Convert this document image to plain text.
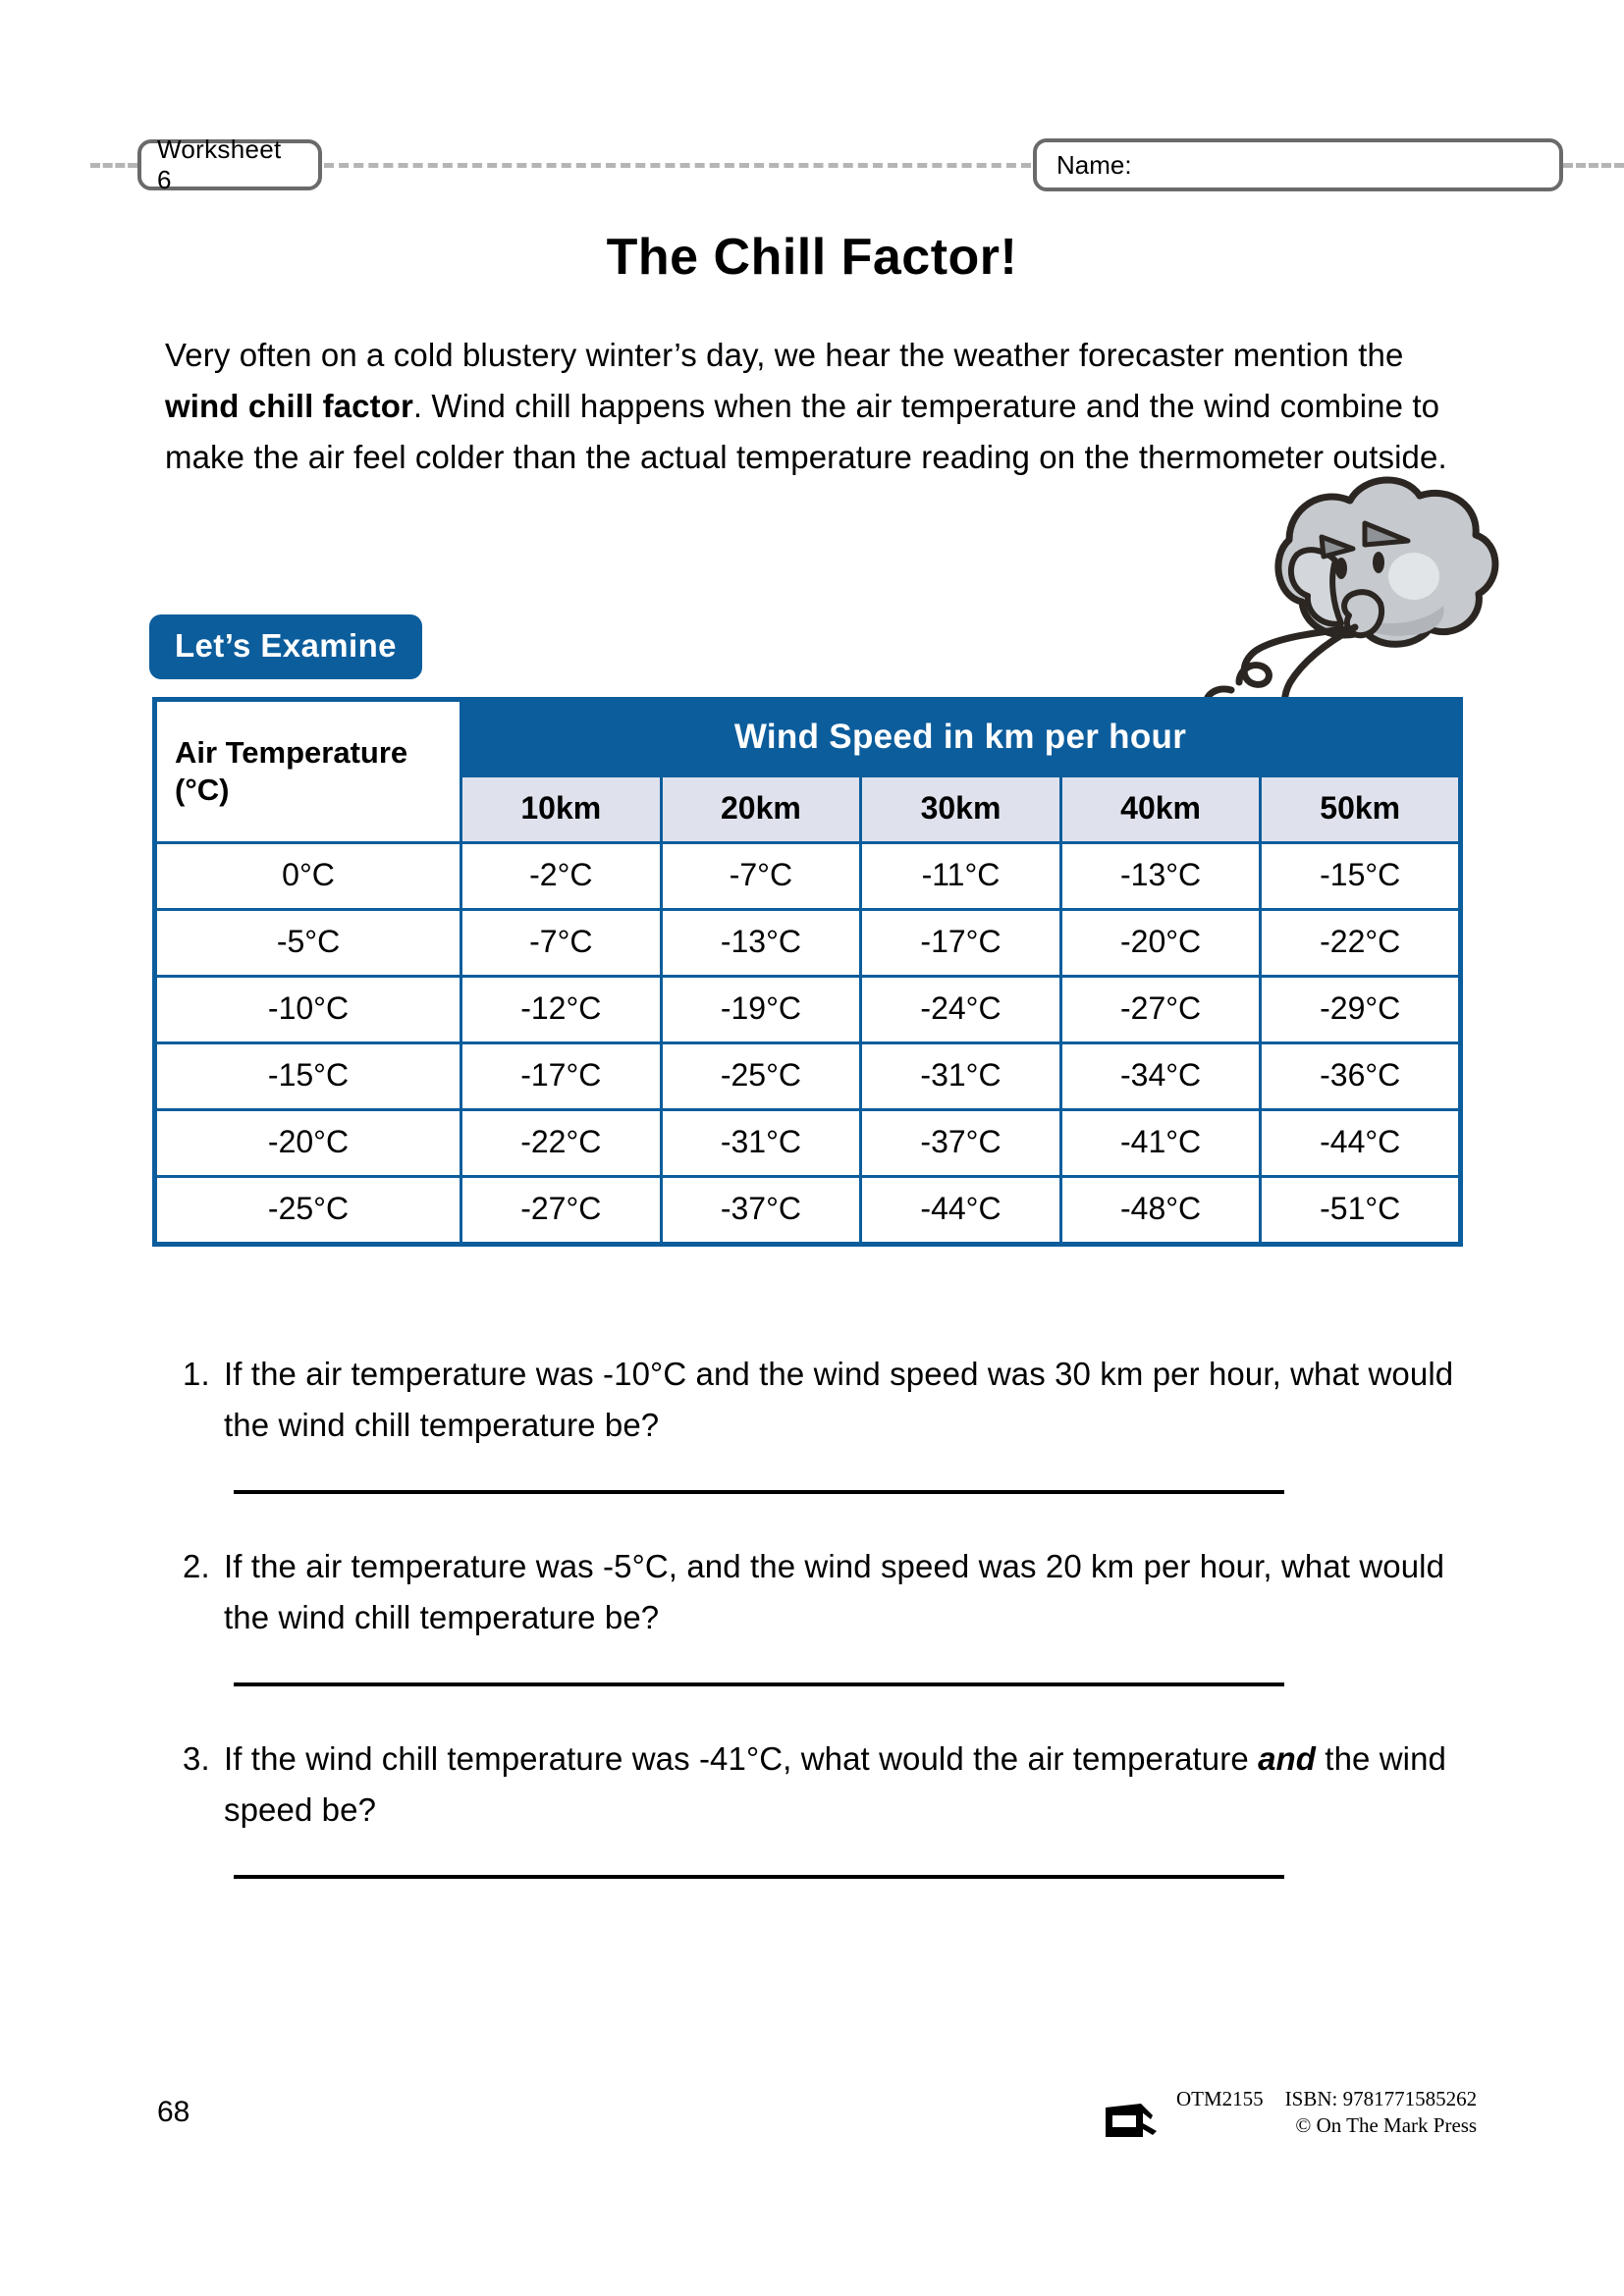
Worksheet 6
Name:
The Chill Factor!
Very often on a cold blustery winter’s day, we hear the weather forecaster mention the wind chill factor. Wind chill happens when the air temperature and the wind combine to make the air feel colder than the actual temperature reading on the thermometer outside.
Let’s Examine
Air Temperature (°C)	Wind Speed in km per hour				
	10km	20km	30km	40km	50km
0°C	-2°C	-7°C	-11°C	-13°C	-15°C
-5°C	-7°C	-13°C	-17°C	-20°C	-22°C
-10°C	-12°C	-19°C	-24°C	-27°C	-29°C
-15°C	-17°C	-25°C	-31°C	-34°C	-36°C
-20°C	-22°C	-31°C	-37°C	-41°C	-44°C
-25°C	-27°C	-37°C	-44°C	-48°C	-51°C
1. If the air temperature was -10°C and the wind speed was 30 km per hour, what would the wind chill temperature be?
2. If the air temperature was -5°C, and the wind speed was 20 km per hour, what would the wind chill temperature be?
3. If the wind chill temperature was -41°C, what would the air temperature and the wind speed be?
68	OTM2155 ISBN: 9781771585262
© On The Mark Press
